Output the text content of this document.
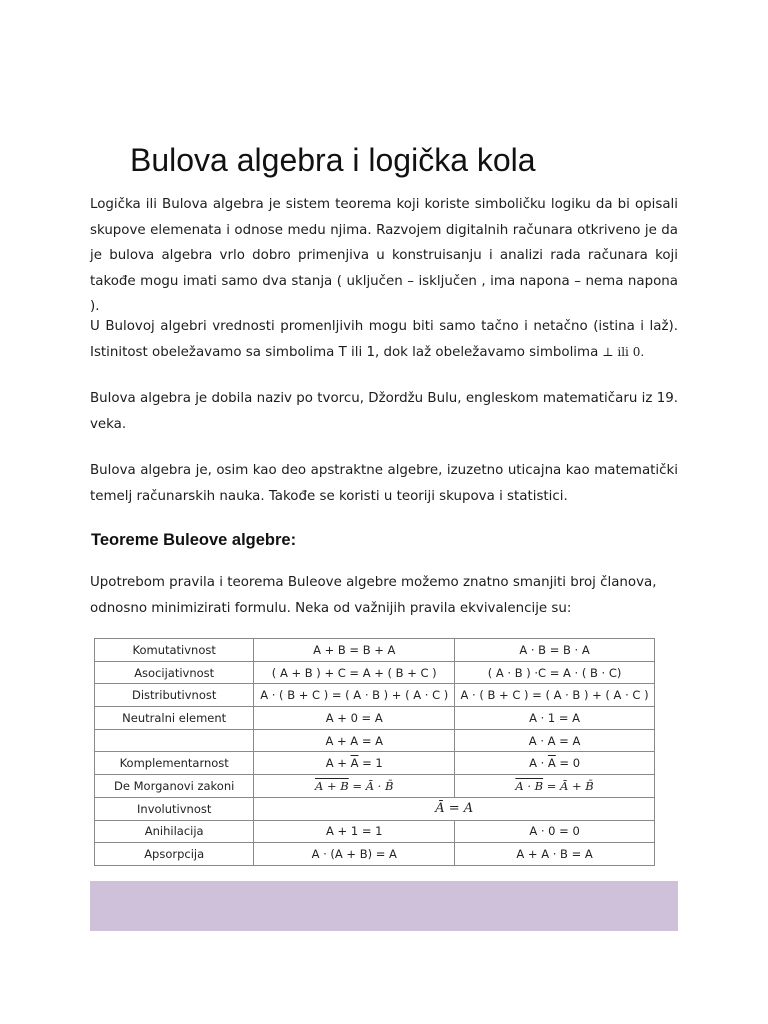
Bulova algebra i logička kola

Logička ili Bulova algebra je sistem teorema koji koriste simboličku logiku da bi opisali skupove elemenata i odnose medu njima. Razvojem digitalnih računara otkriveno je da je bulova algebra vrlo dobro primenjiva u konstruisanju i analizi rada računara koji takođe mogu imati samo dva stanja ( uključen – isključen , ima napona – nema napona ).

U Bulovoj algebri vrednosti promenljivih mogu biti samo tačno i netačno (istina i laž). Istinitost obeležavamo sa simbolima T ili 1, dok laž obeležavamo simbolima ⊥ ili 0.

Bulova algebra je dobila naziv po tvorcu, Džordžu Bulu, engleskom matematičaru iz 19. veka.

Bulova algebra je, osim kao deo apstraktne algebre, izuzetno uticajna kao matematički temelj računarskih nauka. Takođe se koristi u teoriji skupova i statistici.

Teoreme Buleove algebre:

Upotrebom pravila i teorema Buleove algebre možemo znatno smanjiti broj članova, odnosno minimizirati formulu. Neka od važnijih pravila ekvivalencije su:

Komutativnost	A + B = B + A	A · B = B · A
Asocijativnost	( A + B ) + C = A + ( B + C )	( A · B ) ·C = A · ( B · C)
Distributivnost	A · ( B + C ) = ( A · B ) + ( A · C )	A · ( B + C ) = ( A · B ) + ( A · C )
Neutralni element	A + 0 = A	A · 1 = A
	A + A = A	A · A = A
Komplementarnost	$A + \overline{A} = 1$	$A \cdot \overline{A} = 0$
De Morganovi zakoni	A + B = Ā · B̄	A · B = Ā + B̄
Involutivnost	Ā = A	
Anihilacija	A + 1 = 1	A · 0 = 0
Apsorpcija	A · (A + B) = A	A + A · B = A
